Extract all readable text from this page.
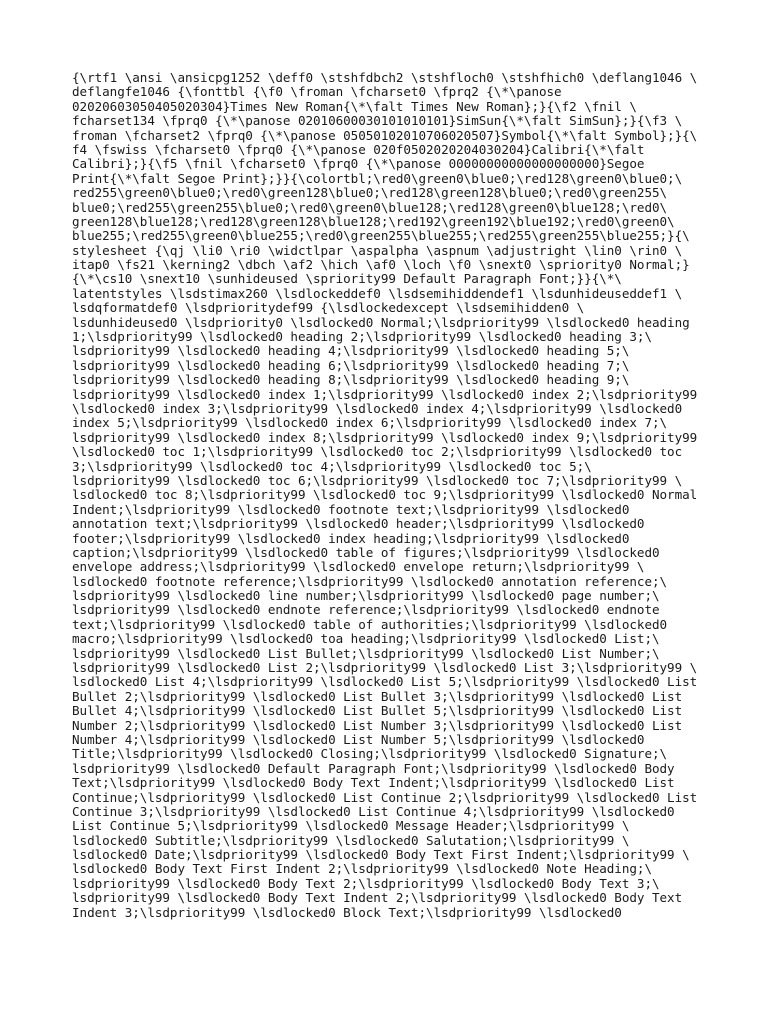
{\rtf1 \ansi \ansicpg1252 \deff0 \stshfdbch2 \stshfloch0 \stshfhich0 \deflang1046 \
deflangfe1046 {\fonttbl {\f0 \froman \fcharset0 \fprq2 {\*\panose
02020603050405020304}Times New Roman{\*\falt Times New Roman};}{\f2 \fnil \
fcharset134 \fprq0 {\*\panose 02010600030101010101}SimSun{\*\falt SimSun};}{\f3 \
froman \fcharset2 \fprq0 {\*\panose 05050102010706020507}Symbol{\*\falt Symbol};}{\
f4 \fswiss \fcharset0 \fprq0 {\*\panose 020f0502020204030204}Calibri{\*\falt
Calibri};}{\f5 \fnil \fcharset0 \fprq0 {\*\panose 00000000000000000000}Segoe
Print{\*\falt Segoe Print};}}{\colortbl;\red0\green0\blue0;\red128\green0\blue0;\
red255\green0\blue0;\red0\green128\blue0;\red128\green128\blue0;\red0\green255\
blue0;\red255\green255\blue0;\red0\green0\blue128;\red128\green0\blue128;\red0\
green128\blue128;\red128\green128\blue128;\red192\green192\blue192;\red0\green0\
blue255;\red255\green0\blue255;\red0\green255\blue255;\red255\green255\blue255;}{\
stylesheet {\qj \li0 \ri0 \widctlpar \aspalpha \aspnum \adjustright \lin0 \rin0 \
itap0 \fs21 \kerning2 \dbch \af2 \hich \af0 \loch \f0 \snext0 \spriority0 Normal;}
{\*\cs10 \snext10 \sunhideused \spriority99 Default Paragraph Font;}}{\*\
latentstyles \lsdstimax260 \lsdlockeddef0 \lsdsemihiddendef1 \lsdunhideuseddef1 \
lsdqformatdef0 \lsdprioritydef99 {\lsdlockedexcept \lsdsemihidden0 \
lsdunhideused0 \lsdpriority0 \lsdlocked0 Normal;\lsdpriority99 \lsdlocked0 heading
1;\lsdpriority99 \lsdlocked0 heading 2;\lsdpriority99 \lsdlocked0 heading 3;\
lsdpriority99 \lsdlocked0 heading 4;\lsdpriority99 \lsdlocked0 heading 5;\
lsdpriority99 \lsdlocked0 heading 6;\lsdpriority99 \lsdlocked0 heading 7;\
lsdpriority99 \lsdlocked0 heading 8;\lsdpriority99 \lsdlocked0 heading 9;\
lsdpriority99 \lsdlocked0 index 1;\lsdpriority99 \lsdlocked0 index 2;\lsdpriority99
\lsdlocked0 index 3;\lsdpriority99 \lsdlocked0 index 4;\lsdpriority99 \lsdlocked0
index 5;\lsdpriority99 \lsdlocked0 index 6;\lsdpriority99 \lsdlocked0 index 7;\
lsdpriority99 \lsdlocked0 index 8;\lsdpriority99 \lsdlocked0 index 9;\lsdpriority99
\lsdlocked0 toc 1;\lsdpriority99 \lsdlocked0 toc 2;\lsdpriority99 \lsdlocked0 toc
3;\lsdpriority99 \lsdlocked0 toc 4;\lsdpriority99 \lsdlocked0 toc 5;\
lsdpriority99 \lsdlocked0 toc 6;\lsdpriority99 \lsdlocked0 toc 7;\lsdpriority99 \
lsdlocked0 toc 8;\lsdpriority99 \lsdlocked0 toc 9;\lsdpriority99 \lsdlocked0 Normal
Indent;\lsdpriority99 \lsdlocked0 footnote text;\lsdpriority99 \lsdlocked0
annotation text;\lsdpriority99 \lsdlocked0 header;\lsdpriority99 \lsdlocked0
footer;\lsdpriority99 \lsdlocked0 index heading;\lsdpriority99 \lsdlocked0
caption;\lsdpriority99 \lsdlocked0 table of figures;\lsdpriority99 \lsdlocked0
envelope address;\lsdpriority99 \lsdlocked0 envelope return;\lsdpriority99 \
lsdlocked0 footnote reference;\lsdpriority99 \lsdlocked0 annotation reference;\
lsdpriority99 \lsdlocked0 line number;\lsdpriority99 \lsdlocked0 page number;\
lsdpriority99 \lsdlocked0 endnote reference;\lsdpriority99 \lsdlocked0 endnote
text;\lsdpriority99 \lsdlocked0 table of authorities;\lsdpriority99 \lsdlocked0
macro;\lsdpriority99 \lsdlocked0 toa heading;\lsdpriority99 \lsdlocked0 List;\
lsdpriority99 \lsdlocked0 List Bullet;\lsdpriority99 \lsdlocked0 List Number;\
lsdpriority99 \lsdlocked0 List 2;\lsdpriority99 \lsdlocked0 List 3;\lsdpriority99 \
lsdlocked0 List 4;\lsdpriority99 \lsdlocked0 List 5;\lsdpriority99 \lsdlocked0 List
Bullet 2;\lsdpriority99 \lsdlocked0 List Bullet 3;\lsdpriority99 \lsdlocked0 List
Bullet 4;\lsdpriority99 \lsdlocked0 List Bullet 5;\lsdpriority99 \lsdlocked0 List
Number 2;\lsdpriority99 \lsdlocked0 List Number 3;\lsdpriority99 \lsdlocked0 List
Number 4;\lsdpriority99 \lsdlocked0 List Number 5;\lsdpriority99 \lsdlocked0
Title;\lsdpriority99 \lsdlocked0 Closing;\lsdpriority99 \lsdlocked0 Signature;\
lsdpriority99 \lsdlocked0 Default Paragraph Font;\lsdpriority99 \lsdlocked0 Body
Text;\lsdpriority99 \lsdlocked0 Body Text Indent;\lsdpriority99 \lsdlocked0 List
Continue;\lsdpriority99 \lsdlocked0 List Continue 2;\lsdpriority99 \lsdlocked0 List
Continue 3;\lsdpriority99 \lsdlocked0 List Continue 4;\lsdpriority99 \lsdlocked0
List Continue 5;\lsdpriority99 \lsdlocked0 Message Header;\lsdpriority99 \
lsdlocked0 Subtitle;\lsdpriority99 \lsdlocked0 Salutation;\lsdpriority99 \
lsdlocked0 Date;\lsdpriority99 \lsdlocked0 Body Text First Indent;\lsdpriority99 \
lsdlocked0 Body Text First Indent 2;\lsdpriority99 \lsdlocked0 Note Heading;\
lsdpriority99 \lsdlocked0 Body Text 2;\lsdpriority99 \lsdlocked0 Body Text 3;\
lsdpriority99 \lsdlocked0 Body Text Indent 2;\lsdpriority99 \lsdlocked0 Body Text
Indent 3;\lsdpriority99 \lsdlocked0 Block Text;\lsdpriority99 \lsdlocked0
